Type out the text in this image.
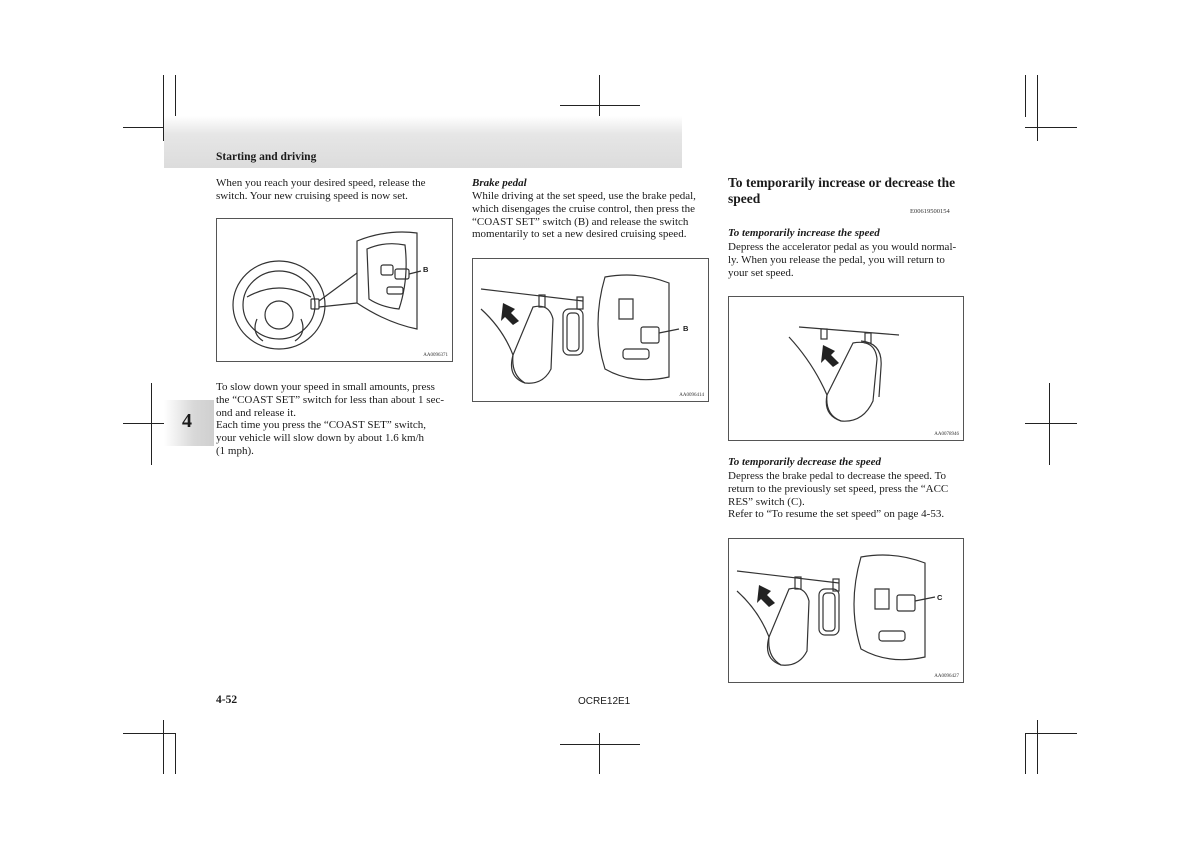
Starting and driving
4

When you reach your desired speed, release the
switch. Your new cruising speed is now set.

B
AA0096371

To slow down your speed in small amounts, press
the “COAST SET” switch for less than about 1 sec-
ond and release it.
Each time you press the “COAST SET” switch,
your vehicle will slow down by about 1.6 km/h
(1 mph).

Brake pedal

While driving at the set speed, use the brake pedal,
which disengages the cruise control, then press the
“COAST SET” switch (B) and release the switch
momentarily to set a new desired cruising speed.

B
AA0096414
To temporarily increase or decrease the speed
E00619500154
To temporarily increase the speed

Depress the accelerator pedal as you would normal-
ly. When you release the pedal, you will return to
your set speed.

AA0078946
To temporarily decrease the speed

Depress the brake pedal to decrease the speed. To
return to the previously set speed, press the “ACC
RES” switch (C).
Refer to “To resume the set speed” on page 4-53.

C
AA0096427
4-52	OCRE12E1
